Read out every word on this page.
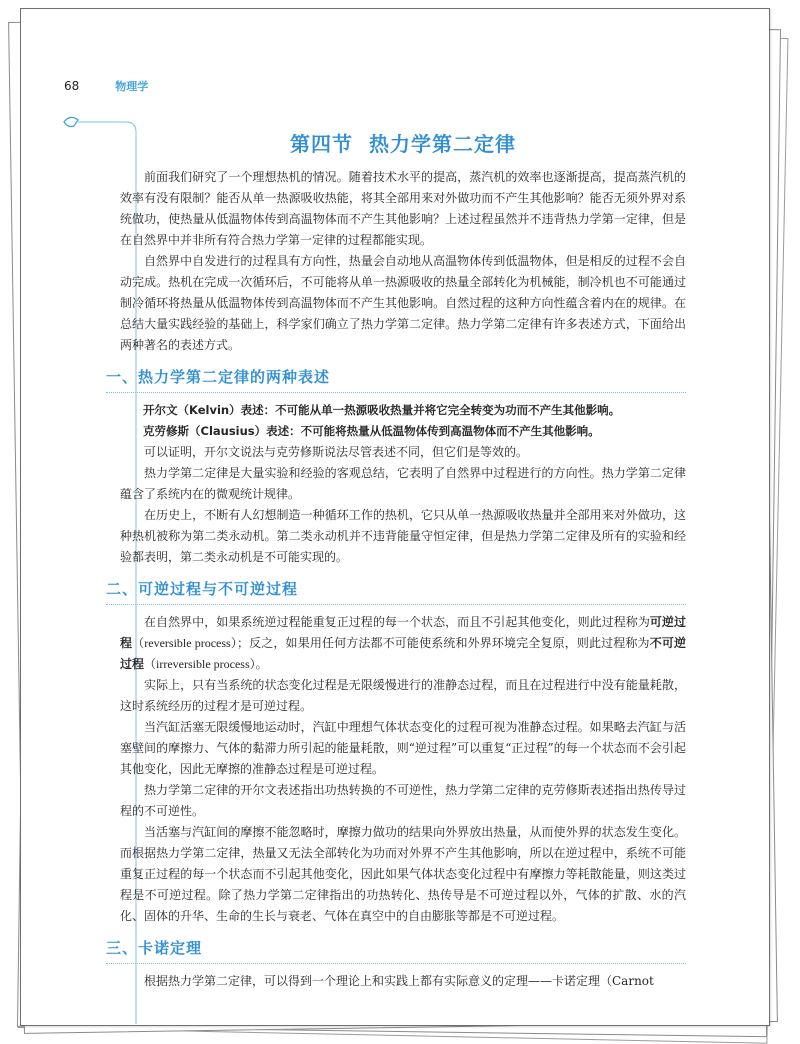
68	物理学
第四节 热力学第二定律

前面我们研究了一个理想热机的情况。随着技术水平的提高，蒸汽机的效率也逐渐提高，提高蒸汽机的效率有没有限制？能否从单一热源吸收热能，将其全部用来对外做功而不产生其他影响？能否无须外界对系统做功，使热量从低温物体传到高温物体而不产生其他影响？上述过程虽然并不违背热力学第一定律，但是在自然界中并非所有符合热力学第一定律的过程都能实现。

自然界中自发进行的过程具有方向性，热量会自动地从高温物体传到低温物体，但是相反的过程不会自动完成。热机在完成一次循环后，不可能将从单一热源吸收的热量全部转化为机械能，制冷机也不可能通过制冷循环将热量从低温物体传到高温物体而不产生其他影响。自然过程的这种方向性蕴含着内在的规律。在总结大量实践经验的基础上，科学家们确立了热力学第二定律。热力学第二定律有许多表述方式，下面给出两种著名的表述方式。

一、热力学第二定律的两种表述

开尔文（Kelvin）表述：不可能从单一热源吸收热量并将它完全转变为功而不产生其他影响。

克劳修斯（Clausius）表述：不可能将热量从低温物体传到高温物体而不产生其他影响。

可以证明，开尔文说法与克劳修斯说法尽管表述不同，但它们是等效的。

热力学第二定律是大量实验和经验的客观总结，它表明了自然界中过程进行的方向性。热力学第二定律蕴含了系统内在的微观统计规律。

在历史上，不断有人幻想制造一种循环工作的热机，它只从单一热源吸收热量并全部用来对外做功，这种热机被称为第二类永动机。第二类永动机并不违背能量守恒定律，但是热力学第二定律及所有的实验和经验都表明，第二类永动机是不可能实现的。

二、可逆过程与不可逆过程

在自然界中，如果系统逆过程能重复正过程的每一个状态，而且不引起其他变化，则此过程称为可逆过程（reversible process）；反之，如果用任何方法都不可能使系统和外界环境完全复原，则此过程称为不可逆过程（irreversible process）。

实际上，只有当系统的状态变化过程是无限缓慢进行的准静态过程，而且在过程进行中没有能量耗散，这时系统经历的过程才是可逆过程。

当汽缸活塞无限缓慢地运动时，汽缸中理想气体状态变化的过程可视为准静态过程。如果略去汽缸与活塞壁间的摩擦力、气体的黏滞力所引起的能量耗散，则“逆过程”可以重复“正过程”的每一个状态而不会引起其他变化，因此无摩擦的准静态过程是可逆过程。

热力学第二定律的开尔文表述指出功热转换的不可逆性，热力学第二定律的克劳修斯表述指出热传导过程的不可逆性。

当活塞与汽缸间的摩擦不能忽略时，摩擦力做功的结果向外界放出热量，从而使外界的状态发生变化。而根据热力学第二定律，热量又无法全部转化为功而对外界不产生其他影响，所以在逆过程中，系统不可能重复正过程的每一个状态而不引起其他变化，因此如果气体状态变化过程中有摩擦力等耗散能量，则这类过程是不可逆过程。除了热力学第二定律指出的功热转化、热传导是不可逆过程以外，气体的扩散、水的汽化、固体的升华、生命的生长与衰老、气体在真空中的自由膨胀等都是不可逆过程。

三、卡诺定理

根据热力学第二定律，可以得到一个理论上和实践上都有实际意义的定理——卡诺定理（Carnot
